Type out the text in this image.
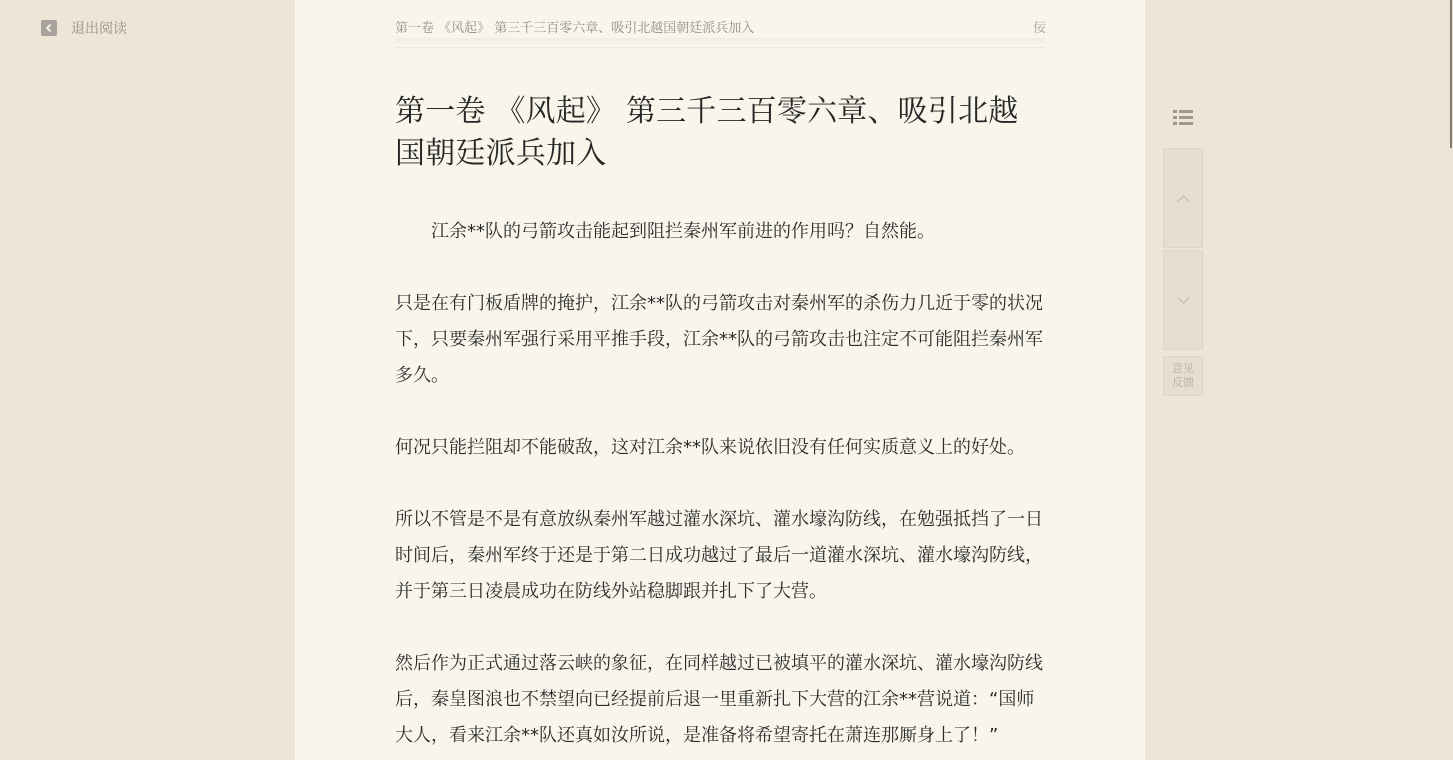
退出阅读	第一卷 《风起》 第三千三百零六章、吸引北越国朝廷派兵加入	佞
第一卷 《风起》 第三千三百零六章、吸引北越国朝廷派兵加入

江余**队的弓箭攻击能起到阻拦秦州军前进的作用吗？自然能。

只是在有门板盾牌的掩护，江余**队的弓箭攻击对秦州军的杀伤力几近于零的状况下，只要秦州军强行采用平推手段，江余**队的弓箭攻击也注定不可能阻拦秦州军多久。

何况只能拦阻却不能破敌，这对江余**队来说依旧没有任何实质意义上的好处。

所以不管是不是有意放纵秦州军越过灌水深坑、灌水壕沟防线，在勉强抵挡了一日时间后，秦州军终于还是于第二日成功越过了最后一道灌水深坑、灌水壕沟防线，并于第三日凌晨成功在防线外站稳脚跟并扎下了大营。

然后作为正式通过落云峡的象征，在同样越过已被填平的灌水深坑、灌水壕沟防线后，秦皇图浪也不禁望向已经提前后退一里重新扎下大营的江余**营说道：“国师大人，看来江余**队还真如汝所说，是准备将希望寄托在萧连那厮身上了！”

意见
反馈
